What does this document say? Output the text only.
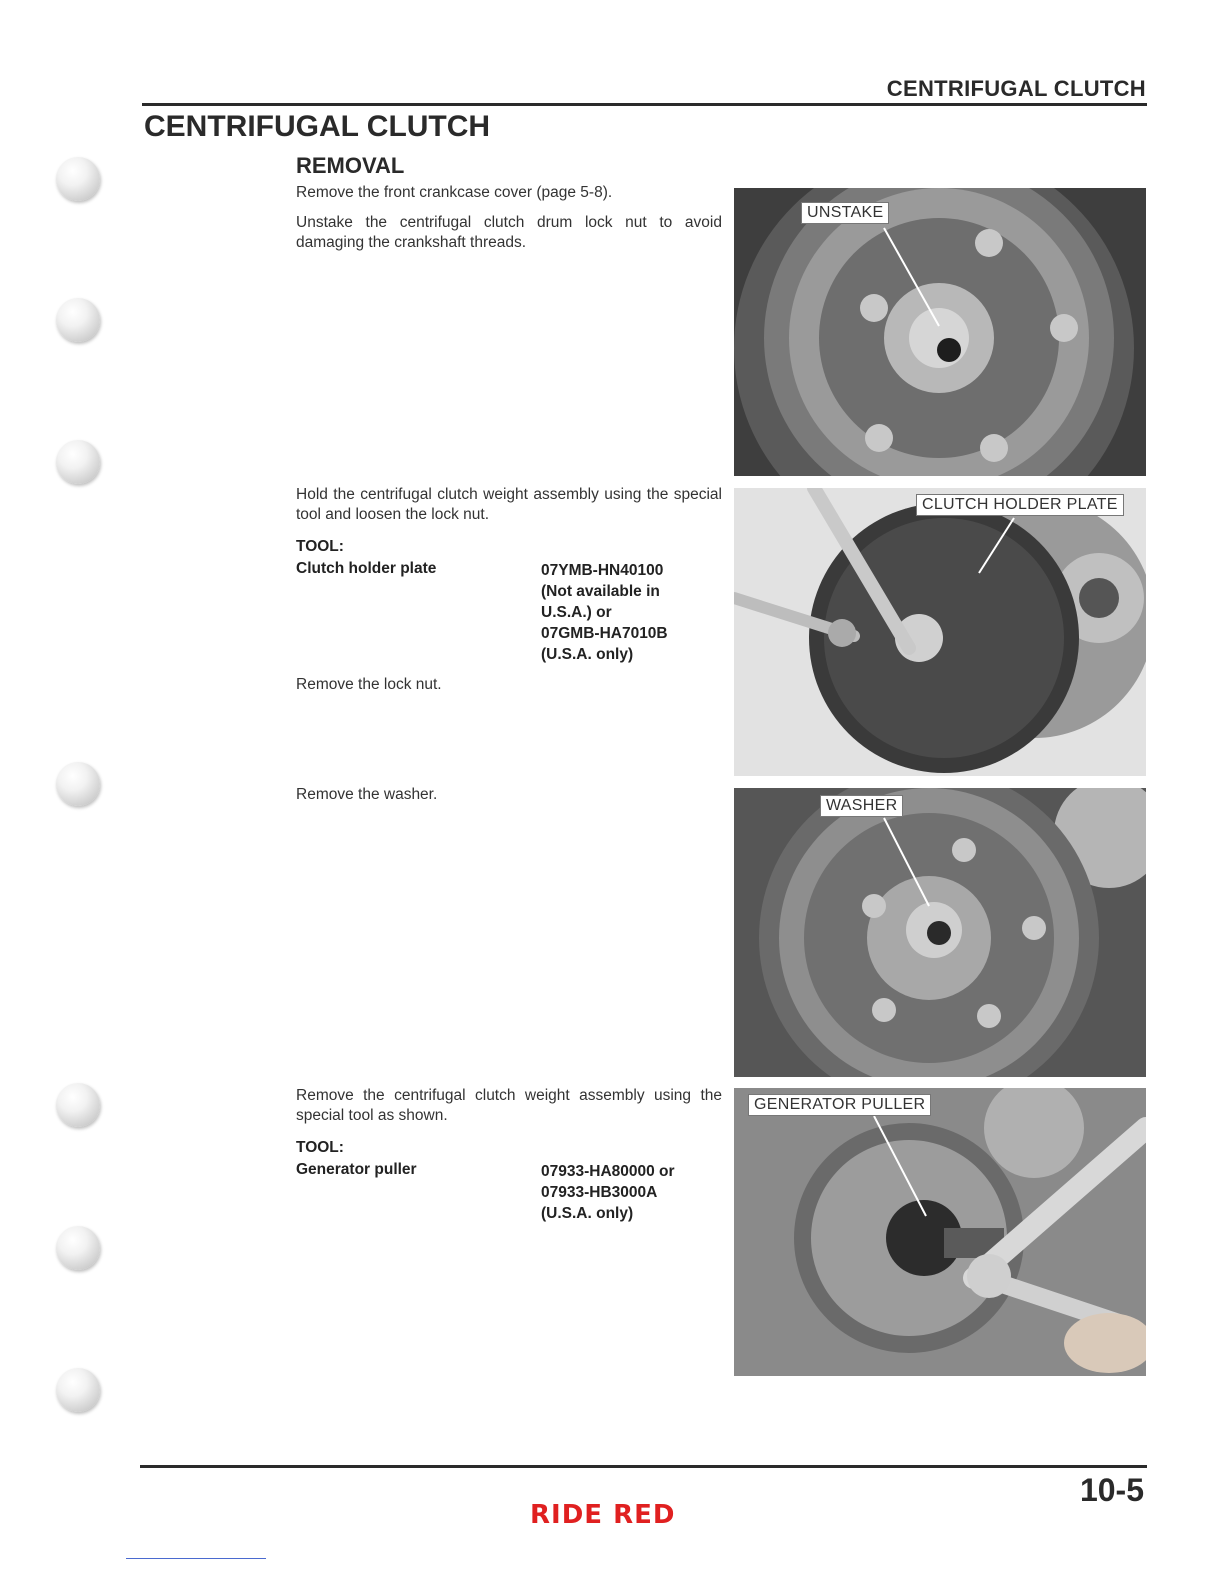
CENTRIFUGAL CLUTCH
CENTRIFUGAL CLUTCH
REMOVAL
Remove the front crankcase cover (page 5-8).
Unstake the centrifugal clutch drum lock nut to avoid damaging the crankshaft threads.
Hold the centrifugal clutch weight assembly using the special tool and loosen the lock nut.
TOOL:
Clutch holder plate	07YMB-HN40100
(Not available in
U.S.A.) or
07GMB-HA7010B
(U.S.A. only)
Remove the lock nut.
Remove the washer.
Remove the centrifugal clutch weight assembly using the special tool as shown.
TOOL:
Generator puller	07933-HA80000 or
07933-HB3000A
(U.S.A. only)
UNSTAKE
CLUTCH HOLDER PLATE
WASHER
GENERATOR PULLER
10-5
RIDE RED
